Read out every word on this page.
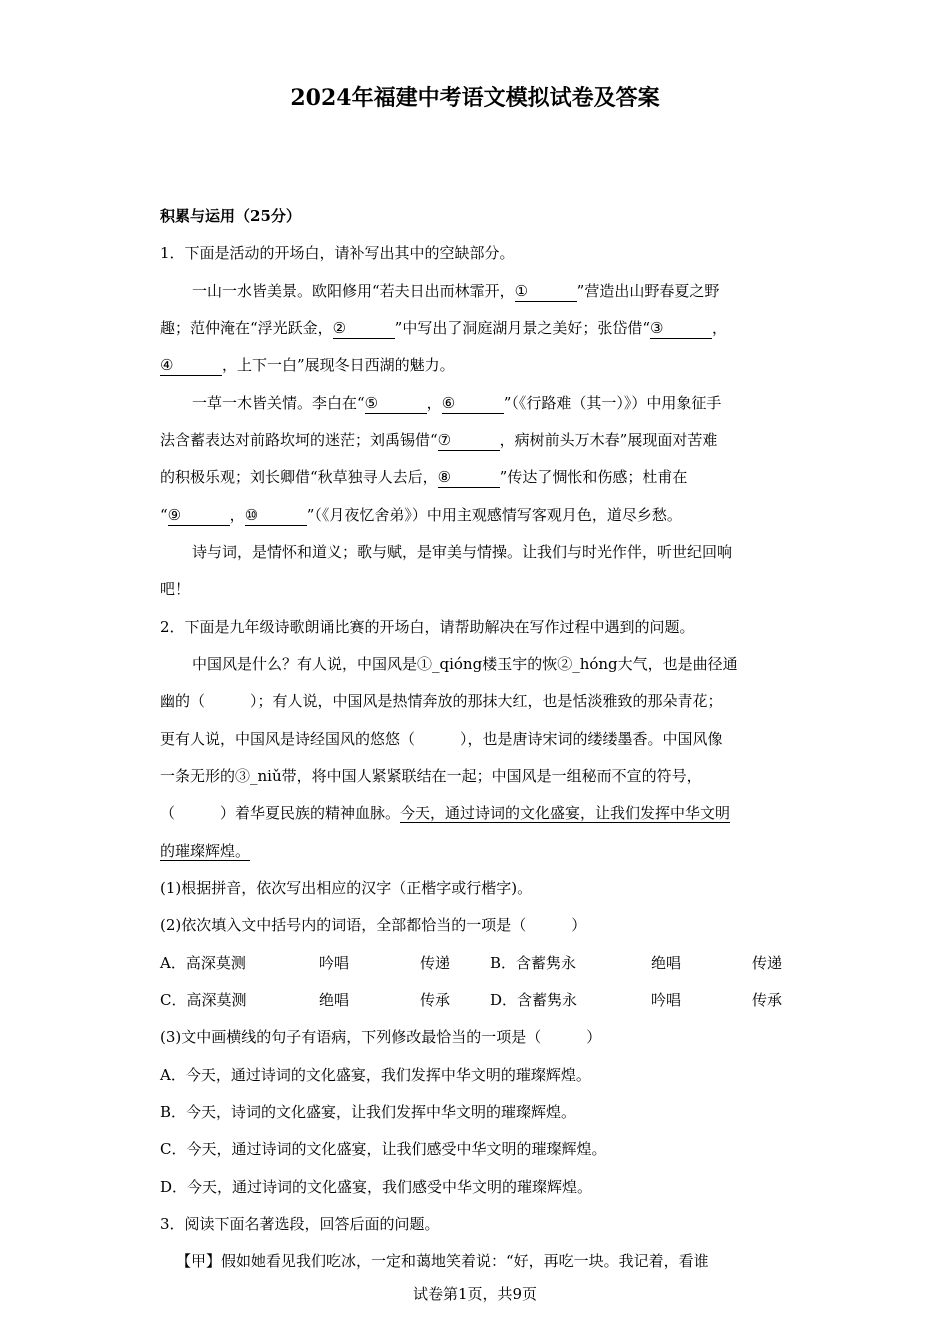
2024年福建中考语文模拟试卷及答案
积累与运用（25分）
1．下面是活动的开场白，请补写出其中的空缺部分。
一山一水皆美景。欧阳修用“若夫日出而林霏开，①	”营造出山野春夏之野
趣；范仲淹在“浮光跃金，②	”中写出了洞庭湖月景之美好；张岱借“③	，
④	，上下一白”展现冬日西湖的魅力。
一草一木皆关情。李白在“⑤	，⑥	”（《行路难（其一）》）中用象征手
法含蓄表达对前路坎坷的迷茫；刘禹锡借“⑦	，病树前头万木春”展现面对苦难
的积极乐观；刘长卿借“秋草独寻人去后，⑧	”传达了惆怅和伤感；杜甫在
“⑨	，⑩	”（《月夜忆舍弟》）中用主观感情写客观月色，道尽乡愁。
诗与词，是情怀和道义；歌与赋，是审美与情操。让我们与时光作伴，听世纪回响
吧！
2．下面是九年级诗歌朗诵比赛的开场白，请帮助解决在写作过程中遇到的问题。
中国风是什么？有人说，中国风是①_qióng楼玉宇的恢②_hóng大气，也是曲径通
幽的（　　　）；有人说，中国风是热情奔放的那抹大红，也是恬淡雅致的那朵青花；
更有人说，中国风是诗经国风的悠悠（　　　），也是唐诗宋词的缕缕墨香。中国风像
一条无形的③_niǔ带，将中国人紧紧联结在一起；中国风是一组秘而不宣的符号，
（　　　）着华夏民族的精神血脉。今天，通过诗词的文化盛宴，让我们发挥中华文明
的璀璨辉煌。
(1)根据拼音，依次写出相应的汉字（正楷字或行楷字)。
(2)依次填入文中括号内的词语，全部都恰当的一项是（　　　）
A．高深莫测	吟唱	传递	B．含蓄隽永	绝唱	传递
C．高深莫测	绝唱	传承	D．含蓄隽永	吟唱	传承
(3)文中画横线的句子有语病，下列修改最恰当的一项是（　　　）
A．今天，通过诗词的文化盛宴，我们发挥中华文明的璀璨辉煌。
B．今天，诗词的文化盛宴，让我们发挥中华文明的璀璨辉煌。
C．今天，通过诗词的文化盛宴，让我们感受中华文明的璀璨辉煌。
D．今天，通过诗词的文化盛宴，我们感受中华文明的璀璨辉煌。
3．阅读下面名著选段，回答后面的问题。
【甲】假如她看见我们吃冰，一定和蔼地笑着说：“好，再吃一块。我记着，看谁
试卷第1页，共9页
